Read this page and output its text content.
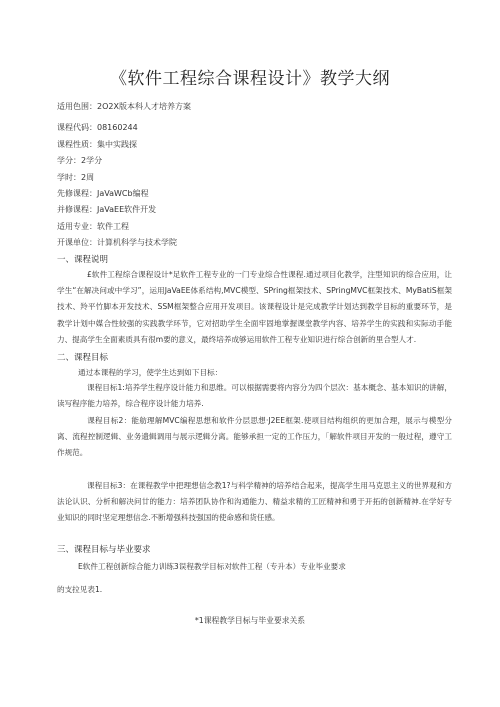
《软件工程综合课程设计》教学大纲
适用色围：2O2X版本科人才培养方案
课程代码：08160244
课程性质：集中实践探
学分：2学分
学时：2周
先修课程：JaVaWCb编程
并修课程：JaVaEE软件开发
适用专业：软件工程
开课单位：计算机科学与技术学院
一、课程说明

£软件工程综合课程设计*足软件工程专业的一门专业综合性课程.通过项目化教学，注型知识的综合应用，让学生“在解决问或中学习”，运用JaVaEE体系结构,MVC模型、SPring框架技术、SPringMVC框架技术、MyBatiS框架技术、羚平竹脚本开发技术、SSM框架整合应用开发项目。该课程设计是完成教学计划达到教学目标的重要环节，是教学计划中媒合性较强的实践教学环节，它对招助学生全面牢固地掌握课堂教学内容、培养学生的实践和实际动手能力、提高学生全面素质具有很m要的意义，最终培养成够运用软件工程专业知识进行综合创新的里合型人才.

二、课程目标
通过本课程的学习，使学生达到如下目标：

课程目标1:培养学生程序设计能力和思维。可以根据需要将内容分为四个层次：基本概念、基本知识的讲解，读写程序能力培养，综合程序设计能力培养.

课程目标2：能舫理解MVC编程思想和软件分层思想·J2EE框架.使项目结构组织的更加合理，展示与模型分离、流程控制逻辑、业务遗辑调用与展示逻辑分离。能够承担一定的工作压力，「解软件项目开发的一般过程，遵守工作规范。

课程目标3：在课程教学中把理想信念教1?与科学精神的培养结合起来，提高学生用马克思主义的世界观和方法论认识、分析和解决问廿的能力：培养团队协作和沟通能力、精益求精的工匠精神和勇于开拓的创新精神.在学好专业知识的同时坚定理想信念.不断增强科技强国的使命感和货任感。

三、课程目标与毕业要求
E软件工程创新综合能力训练3误程教学目标对软件工程（专升本）专业毕业要求
的支拉见表1.
*1课程教学目标与毕业要求关系
